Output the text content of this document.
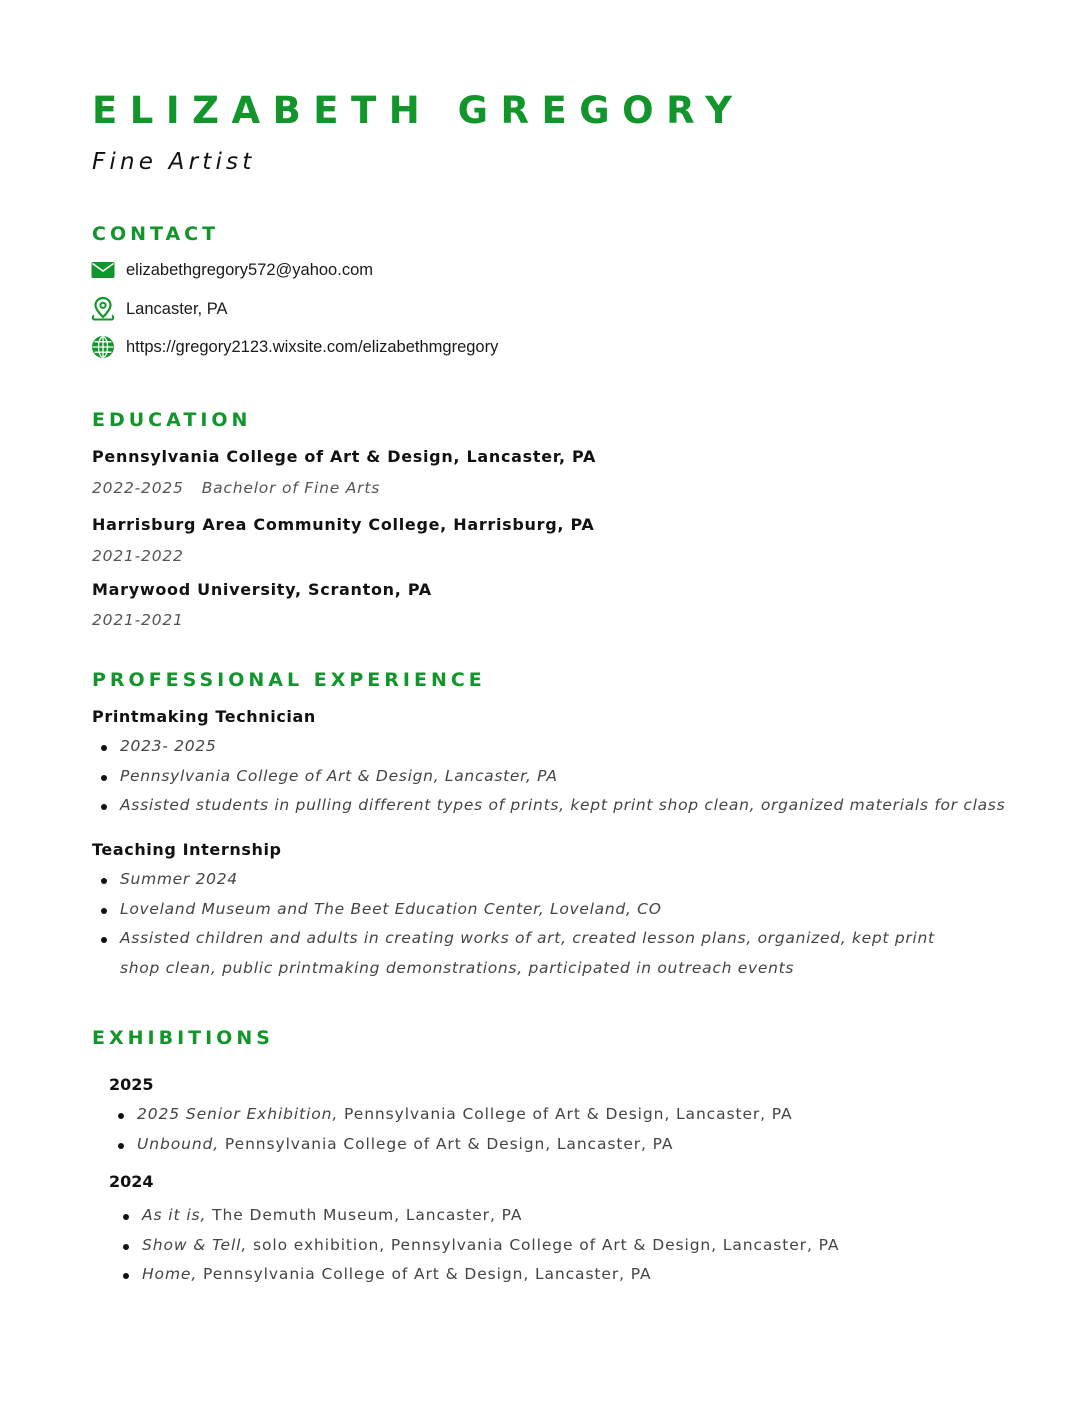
ELIZABETH GREGORY

Fine Artist

CONTACT
elizabethgregory572@yahoo.com
Lancaster, PA
https://gregory2123.wixsite.com/elizabethmgregory
EDUCATION

Pennsylvania College of Art & Design, Lancaster, PA

2022-2025 Bachelor of Fine Arts

Harrisburg Area Community College, Harrisburg, PA

2021-2022

Marywood University, Scranton, PA

2021-2021

PROFESSIONAL EXPERIENCE

Printmaking Technician

2023- 2025
Pennsylvania College of Art & Design, Lancaster, PA
Assisted students in pulling different types of prints, kept print shop clean, organized materials for class

Teaching Internship

Summer 2024
Loveland Museum and The Beet Education Center, Loveland, CO
Assisted children and adults in creating works of art, created lesson plans, organized, kept print shop clean, public printmaking demonstrations, participated in outreach events
EXHIBITIONS

2025

2025 Senior Exhibition, Pennsylvania College of Art & Design, Lancaster, PA
Unbound, Pennsylvania College of Art & Design, Lancaster, PA

2024

As it is, The Demuth Museum, Lancaster, PA
Show & Tell, solo exhibition, Pennsylvania College of Art & Design, Lancaster, PA
Home, Pennsylvania College of Art & Design, Lancaster, PA
